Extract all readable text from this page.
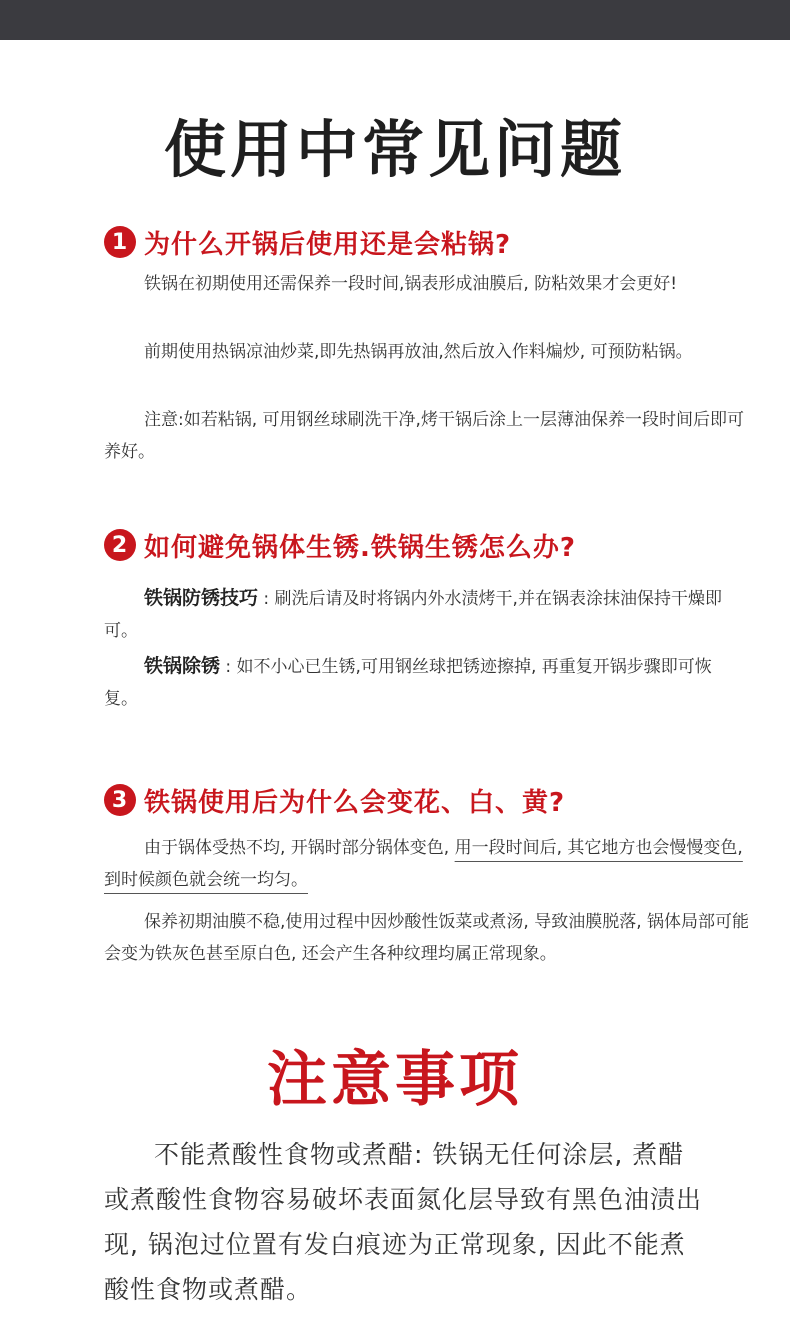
使用中常见问题
1 为什么开锅后使用还是会粘锅?
铁锅在初期使用还需保养一段时间,锅表形成油膜后, 防粘效果才会更好!
前期使用热锅凉油炒菜,即先热锅再放油,然后放入作料煸炒, 可预防粘锅。
注意:如若粘锅, 可用钢丝球刷洗干净,烤干锅后涂上一层薄油保养一段时间后即可养好。
2 如何避免锅体生锈.铁锅生锈怎么办?
铁锅防锈技巧 : 刷洗后请及时将锅内外水渍烤干,并在锅表涂抹油保持干燥即可。
铁锅除锈 : 如不小心已生锈,可用钢丝球把锈迹擦掉, 再重复开锅步骤即可恢复。
3 铁锅使用后为什么会变花、白、黄?
由于锅体受热不均, 开锅时部分锅体变色, 用一段时间后, 其它地方也会慢慢变色, 到时候颜色就会统一均匀。
保养初期油膜不稳,使用过程中因炒酸性饭菜或煮汤, 导致油膜脱落, 锅体局部可能会变为铁灰色甚至原白色, 还会产生各种纹理均属正常现象。
注意事项
不能煮酸性食物或煮醋: 铁锅无任何涂层, 煮醋或煮酸性食物容易破坏表面氮化层导致有黑色油渍出现, 锅泡过位置有发白痕迹为正常现象, 因此不能煮酸性食物或煮醋。
